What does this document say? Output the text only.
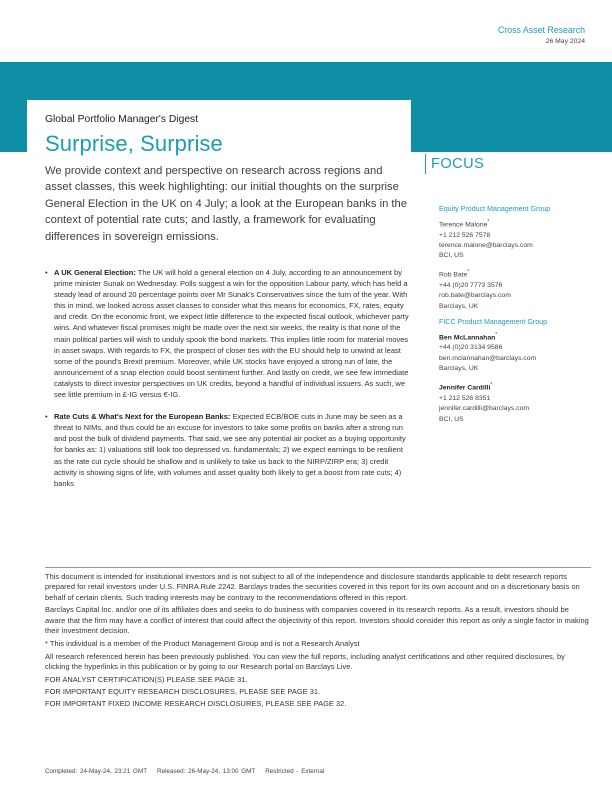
Cross Asset Research
26 May 2024
Global Portfolio Manager's Digest
Surprise, Surprise
We provide context and perspective on research across regions and asset classes, this week highlighting: our initial thoughts on the surprise General Election in the UK on 4 July; a look at the European banks in the context of potential rate cuts; and lastly, a framework for evaluating differences in sovereign emissions.
FOCUS
Equity Product Management Group
Terence Malone*
+1 212 526 7578
terence.malone@barclays.com
BCI, US
Rob Bate*
+44 (0)20 7773 3576
rob.bate@barclays.com
Barclays, UK
FICC Product Management Group
Ben McLannahan*
+44 (0)20 3134 9586
ben.mclannahan@barclays.com
Barclays, UK
Jennifer Cardilli*
+1 212 526 8351
jennifer.cardilli@barclays.com
BCI, US
• A UK General Election: The UK will hold a general election on 4 July, according to an announcement by prime minister Sunak on Wednesday. Polls suggest a win for the opposition Labour party, which has held a steady lead of around 20 percentage points over Mr Sunak's Conservatives since the turn of the year. With this in mind, we looked across asset classes to consider what this means for economics, FX, rates, equity and credit. On the economic front, we expect little difference to the expected fiscal outlook, whichever party wins. And whatever fiscal promises might be made over the next six weeks, the reality is that none of the main political parties will wish to unduly spook the bond markets. This implies little room for material moves in asset swaps. With regards to FX, the prospect of closer ties with the EU should help to unwind at least some of the pound's Brexit premium. Moreover, while UK stocks have enjoyed a strong run of late, the announcement of a snap election could boost sentiment further. And lastly on credit, we see few immediate catalysts to direct investor perspectives on UK credits, beyond a handful of individual issuers. As such, we see little premium in £-IG versus €-IG.
• Rate Cuts & What's Next for the European Banks: Expected ECB/BOE cuts in June may be seen as a threat to NIMs, and thus could be an excuse for investors to take some profits on banks after a strong run and post the bulk of dividend payments. That said, we see any potential air pocket as a buying opportunity for banks as: 1) valuations still look too depressed vs. fundamentals; 2) we expect earnings to be resilient as the rate cut cycle should be shallow and is unlikely to take us back to the NIRP/ZIRP era; 3) credit activity is showing signs of life, with volumes and asset quality both likely to get a boost from rate cuts; 4) banks

This document is intended for institutional investors and is not subject to all of the independence and disclosure standards applicable to debt research reports prepared for retail investors under U.S. FINRA Rule 2242. Barclays trades the securities covered in this report for its own account and on a discretionary basis on behalf of certain clients. Such trading interests may be contrary to the recommendations offered in this report.

Barclays Capital Inc. and/or one of its affiliates does and seeks to do business with companies covered in its research reports. As a result, investors should be aware that the firm may have a conflict of interest that could affect the objectivity of this report. Investors should consider this report as only a single factor in making their investment decision.

* This individual is a member of the Product Management Group and is not a Research Analyst

All research referenced herein has been previously published. You can view the full reports, including analyst certifications and other required disclosures, by clicking the hyperlinks in this publication or by going to our Research portal on Barclays Live.

FOR ANALYST CERTIFICATION(S) PLEASE SEE PAGE 31.

FOR IMPORTANT EQUITY RESEARCH DISCLOSURES, PLEASE SEE PAGE 31.

FOR IMPORTANT FIXED INCOME RESEARCH DISCLOSURES, PLEASE SEE PAGE 32.

Completed: 24-May-24, 23:21 GMT Released: 26-May-24, 13:00 GMT Restricted - External
